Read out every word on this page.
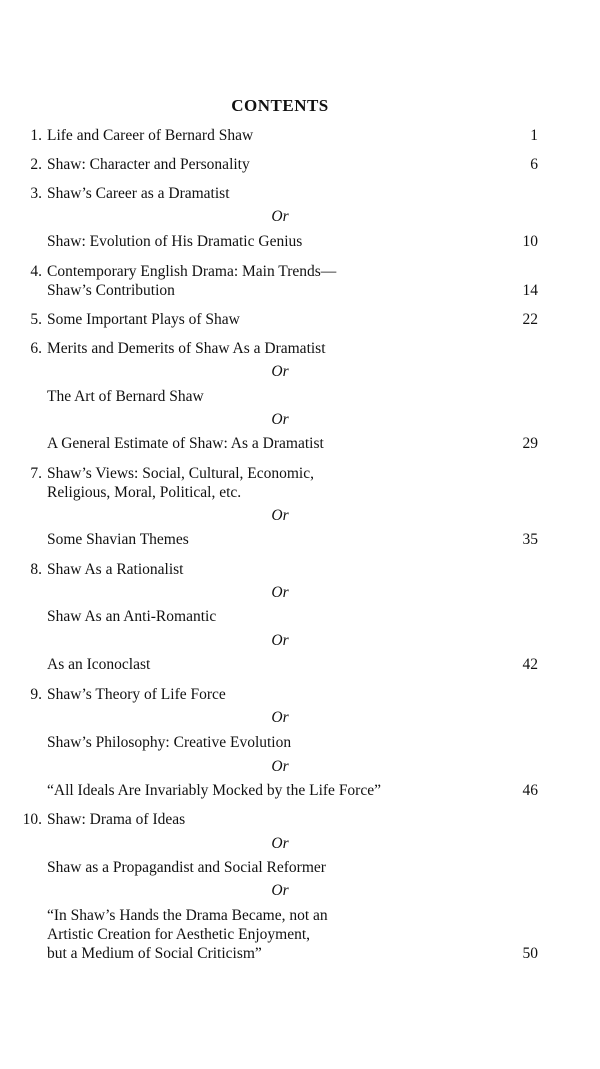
CONTENTS
1. Life and Career of Bernard Shaw	1
2. Shaw: Character and Personality	6
3. Shaw’s Career as a Dramatist
Or
Shaw: Evolution of His Dramatic Genius	10
4. Contemporary English Drama: Main Trends—
Shaw’s Contribution	14
5. Some Important Plays of Shaw	22
6. Merits and Demerits of Shaw As a Dramatist
Or
The Art of Bernard Shaw
Or
A General Estimate of Shaw: As a Dramatist	29
7. Shaw’s Views: Social, Cultural, Economic,
Religious, Moral, Political, etc.
Or
Some Shavian Themes	35
8. Shaw As a Rationalist
Or
Shaw As an Anti-Romantic
Or
As an Iconoclast	42
9. Shaw’s Theory of Life Force
Or
Shaw’s Philosophy: Creative Evolution
Or
“All Ideals Are Invariably Mocked by the Life Force”	46
10. Shaw: Drama of Ideas
Or
Shaw as a Propagandist and Social Reformer
Or
“In Shaw’s Hands the Drama Became, not an
Artistic Creation for Aesthetic Enjoyment,
but a Medium of Social Criticism”	50
